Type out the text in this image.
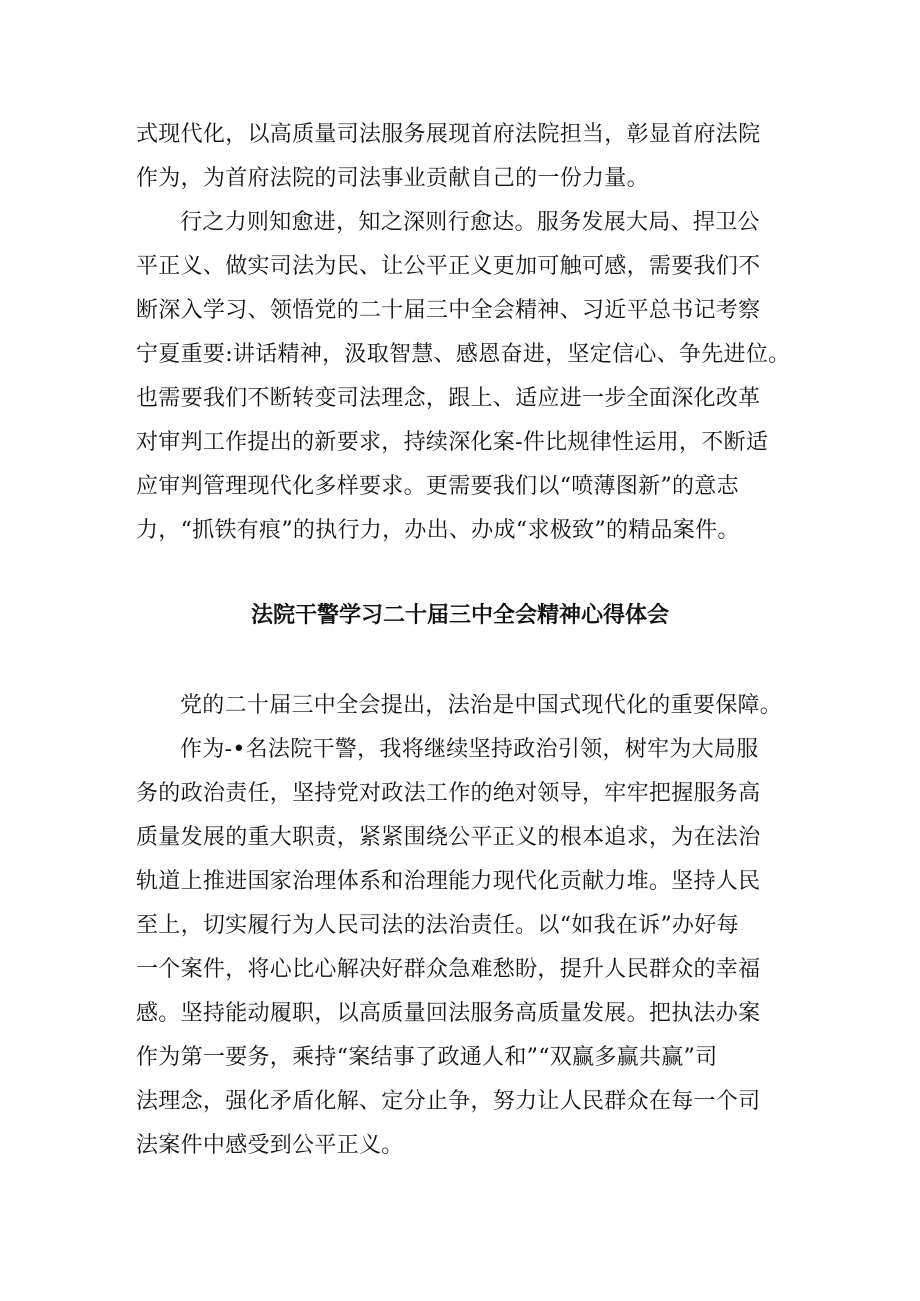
式现代化，以高质量司法服务展现首府法院担当，彰显首府法院
作为，为首府法院的司法事业贡献自己的一份力量。
行之力则知愈进，知之深则行愈达。服务发展大局、捍卫公
平正义、做实司法为民、让公平正义更加可触可感，需要我们不
断深入学习、领悟党的二十届三中全会精神、习近平总书记考察
宁夏重要:讲话精神，汲取智慧、感恩奋进，坚定信心、争先进位。
也需要我们不断转变司法理念，跟上、适应进一步全面深化改革
对审判工作提出的新要求，持续深化案-件比规律性运用，不断适
应审判管理现代化多样要求。更需要我们以“喷薄图新”的意志
力，“抓铁有痕”的执行力，办出、办成“求极致”的精品案件。
法院干警学习二十届三中全会精神心得体会
党的二十届三中全会提出，法治是中国式现代化的重要保障。
作为-•名法院干警，我将继续坚持政治引领，树牢为大局服
务的政治责任，坚持党对政法工作的绝对领导，牢牢把握服务高
质量发展的重大职责，紧紧围绕公平正义的根本追求，为在法治
轨道上推进国家治理体系和治理能力现代化贡献力堆。坚持人民
至上，切实履行为人民司法的法治责任。以“如我在诉”办好每
一个案件，将心比心解决好群众急难愁盼，提升人民群众的幸福
感。坚持能动履职，以高质量回法服务高质量发展。把执法办案
作为第一要务，乘持“案结事了政通人和”“双赢多赢共赢”司
法理念，强化矛盾化解、定分止争，努力让人民群众在每一个司
法案件中感受到公平正义。
